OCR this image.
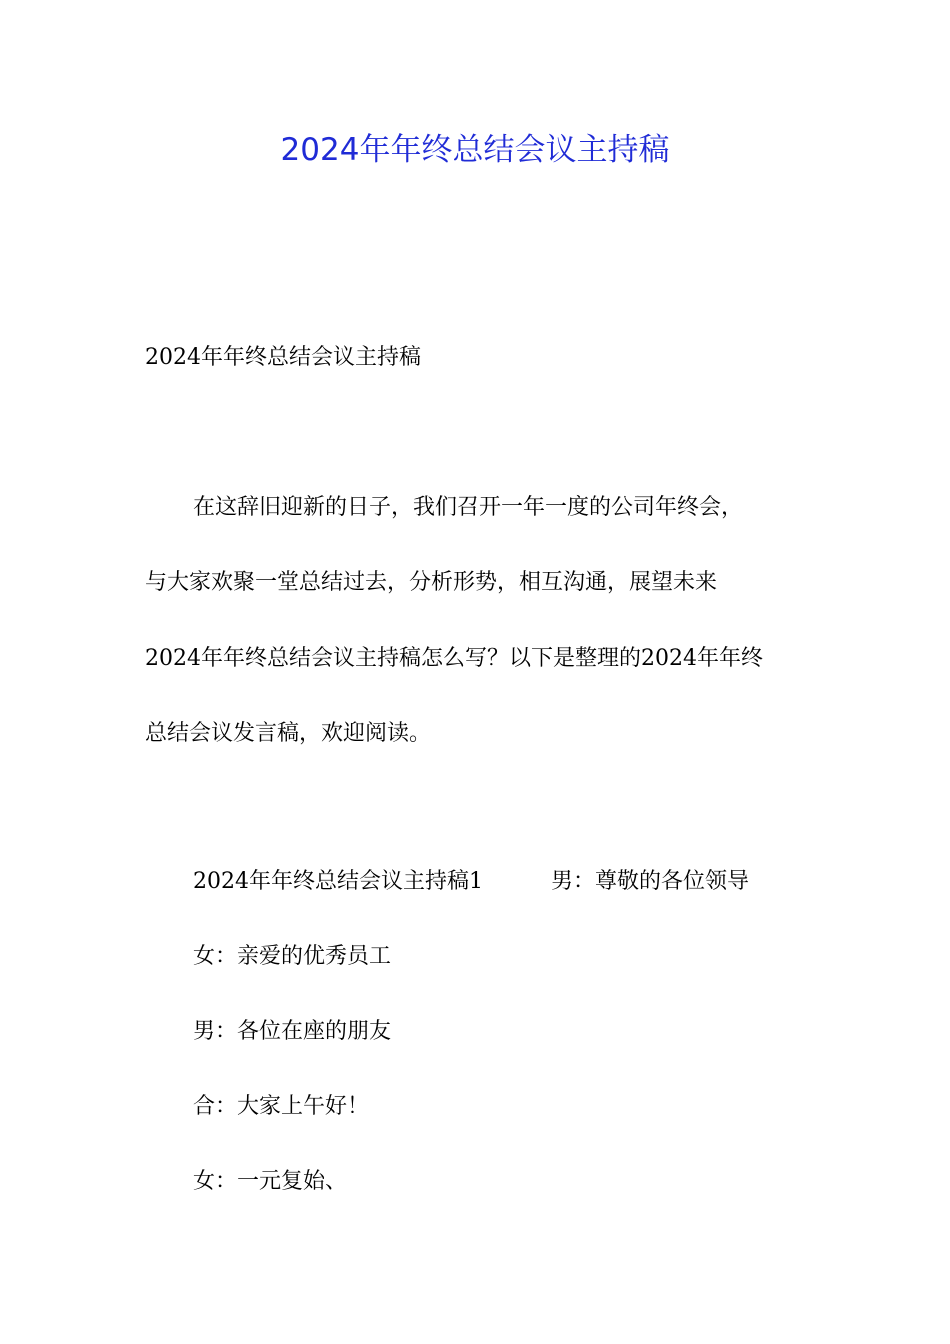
2024年年终总结会议主持稿

2024年年终总结会议主持稿

在这辞旧迎新的日子，我们召开一年一度的公司年终会，

与大家欢聚一堂总结过去，分析形势，相互沟通，展望未来

2024年年终总结会议主持稿怎么写？以下是整理的2024年年终

总结会议发言稿，欢迎阅读。

2024年年终总结会议主持稿1	男：尊敬的各位领导

女：亲爱的优秀员工

男：各位在座的朋友

合：大家上午好！

女：一元复始、
